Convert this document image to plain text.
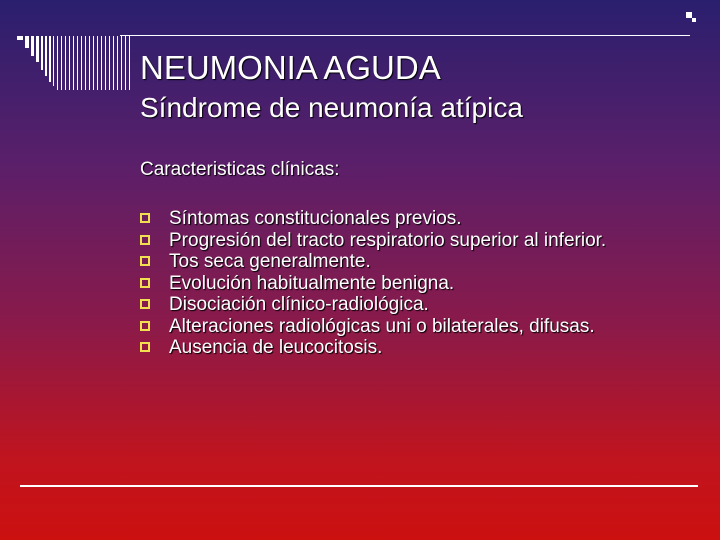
NEUMONIA AGUDA
Síndrome de neumonía atípica
Caracteristicas clínicas:
Síntomas constitucionales previos.
Progresión del tracto respiratorio superior al inferior.
Tos seca generalmente.
Evolución habitualmente benigna.
Disociación clínico-radiológica.
Alteraciones radiológicas uni o bilaterales, difusas.
Ausencia de leucocitosis.
